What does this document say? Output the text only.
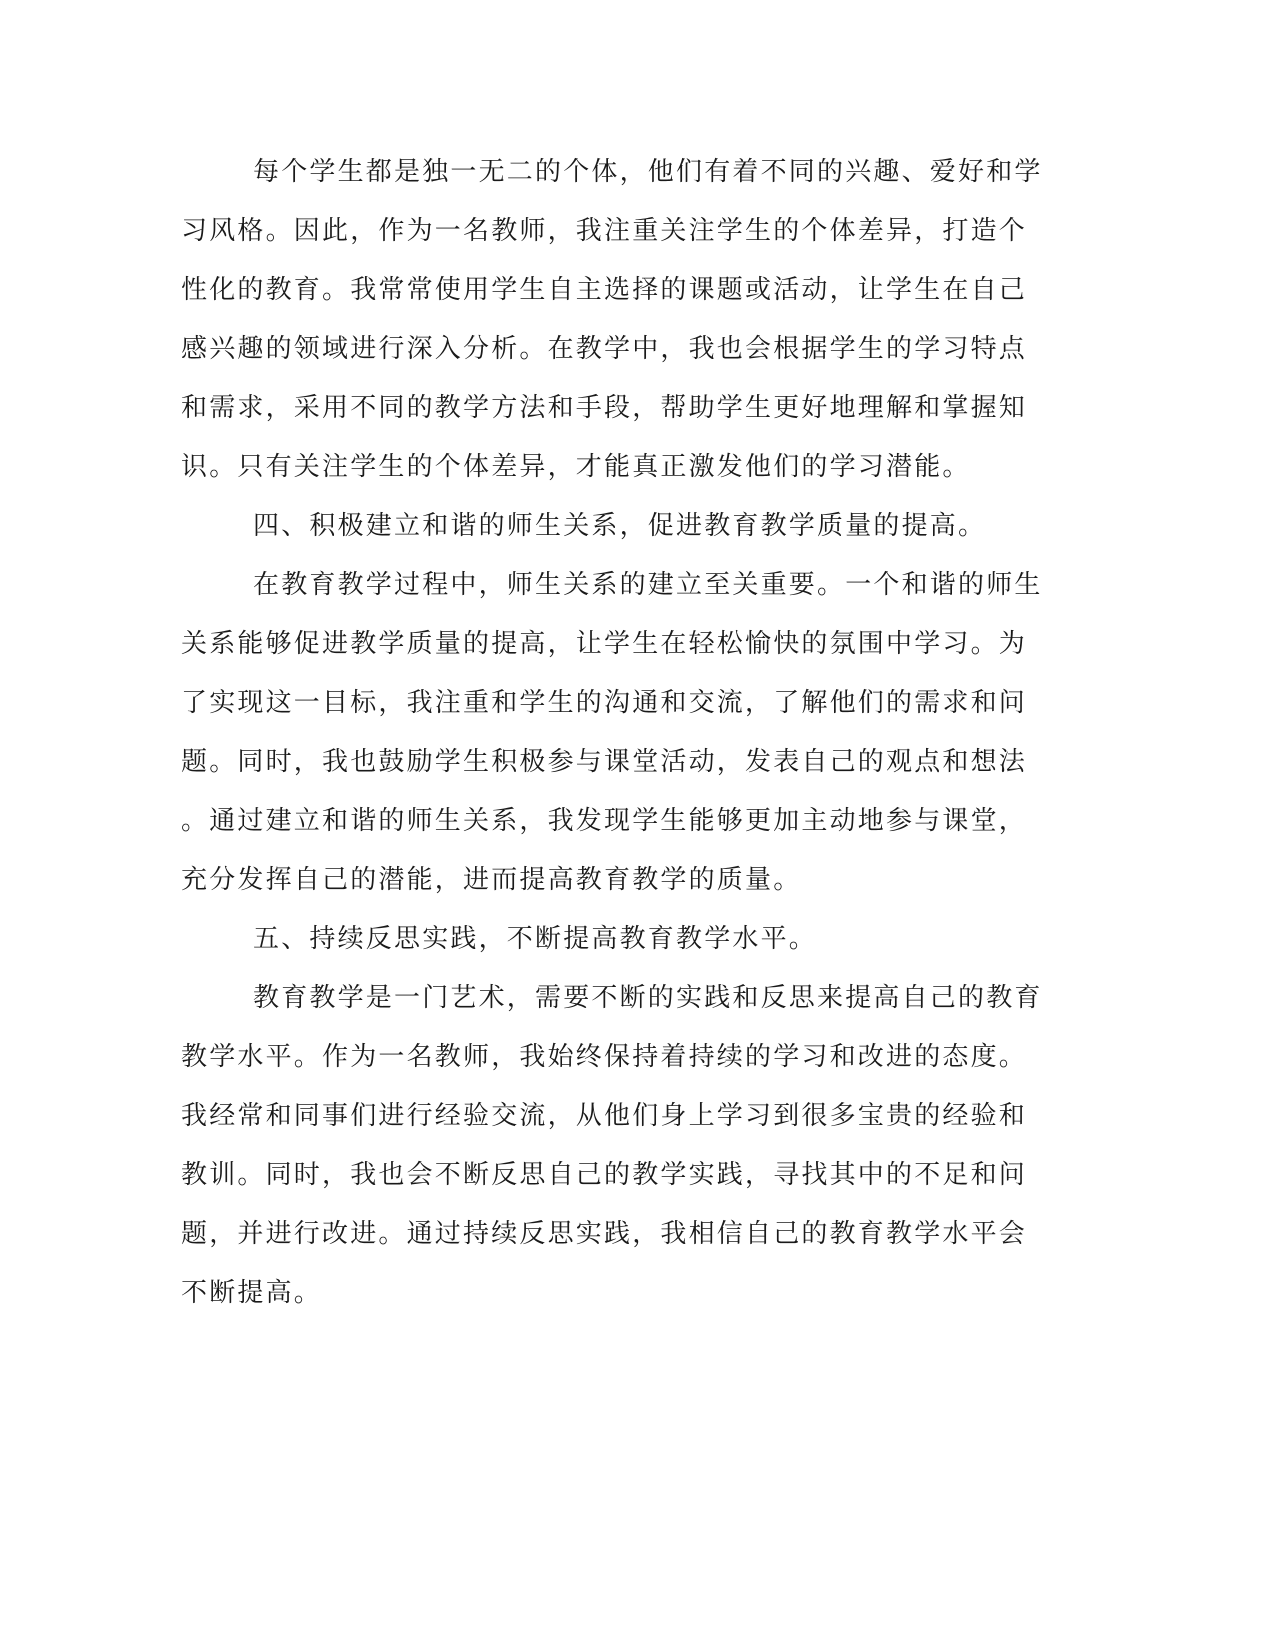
每个学生都是独一无二的个体，他们有着不同的兴趣、爱好和学
习风格。因此，作为一名教师，我注重关注学生的个体差异，打造个
性化的教育。我常常使用学生自主选择的课题或活动，让学生在自己
感兴趣的领域进行深入分析。在教学中，我也会根据学生的学习特点
和需求，采用不同的教学方法和手段，帮助学生更好地理解和掌握知
识。只有关注学生的个体差异，才能真正激发他们的学习潜能。
四、积极建立和谐的师生关系，促进教育教学质量的提高。
在教育教学过程中，师生关系的建立至关重要。一个和谐的师生
关系能够促进教学质量的提高，让学生在轻松愉快的氛围中学习。为
了实现这一目标，我注重和学生的沟通和交流，了解他们的需求和问
题。同时，我也鼓励学生积极参与课堂活动，发表自己的观点和想法
。通过建立和谐的师生关系，我发现学生能够更加主动地参与课堂，
充分发挥自己的潜能，进而提高教育教学的质量。
五、持续反思实践，不断提高教育教学水平。
教育教学是一门艺术，需要不断的实践和反思来提高自己的教育
教学水平。作为一名教师，我始终保持着持续的学习和改进的态度。
我经常和同事们进行经验交流，从他们身上学习到很多宝贵的经验和
教训。同时，我也会不断反思自己的教学实践，寻找其中的不足和问
题，并进行改进。通过持续反思实践，我相信自己的教育教学水平会
不断提高。
